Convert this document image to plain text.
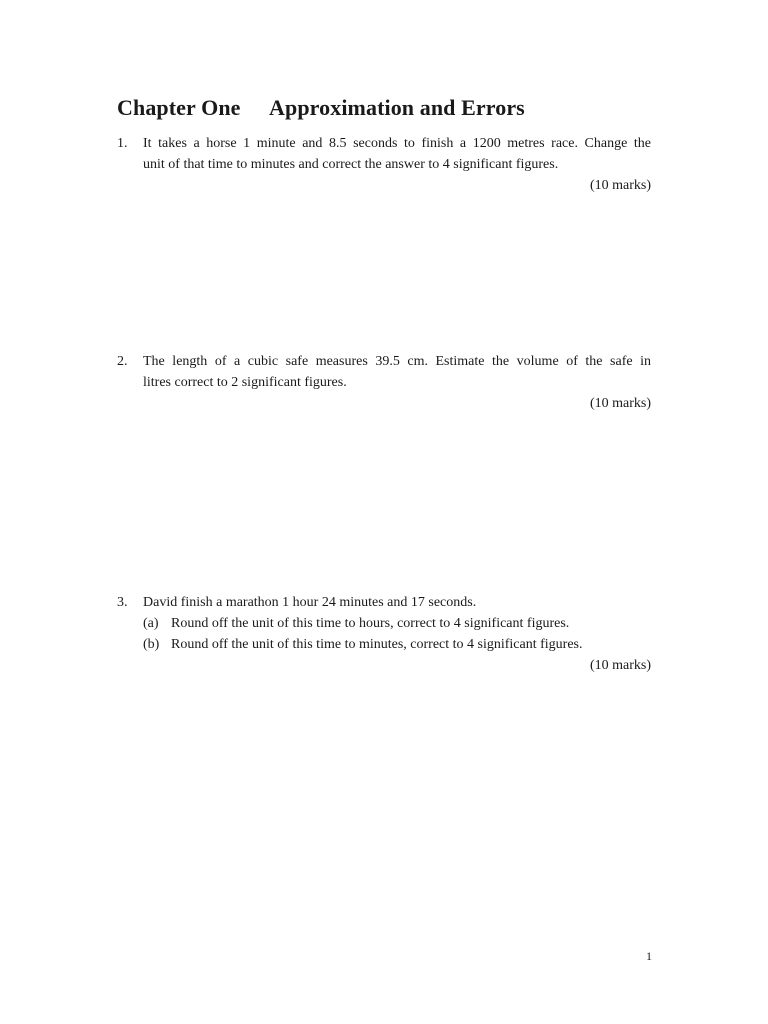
Chapter One Approximation and Errors
1. It takes a horse 1 minute and 8.5 seconds to finish a 1200 metres race. Change the
unit of that time to minutes and correct the answer to 4 significant figures.
(10 marks)
2. The length of a cubic safe measures 39.5 cm. Estimate the volume of the safe in
litres correct to 2 significant figures.
(10 marks)
3. David finish a marathon 1 hour 24 minutes and 17 seconds.
(a) Round off the unit of this time to hours, correct to 4 significant figures.
(b) Round off the unit of this time to minutes, correct to 4 significant figures.
(10 marks)
1
